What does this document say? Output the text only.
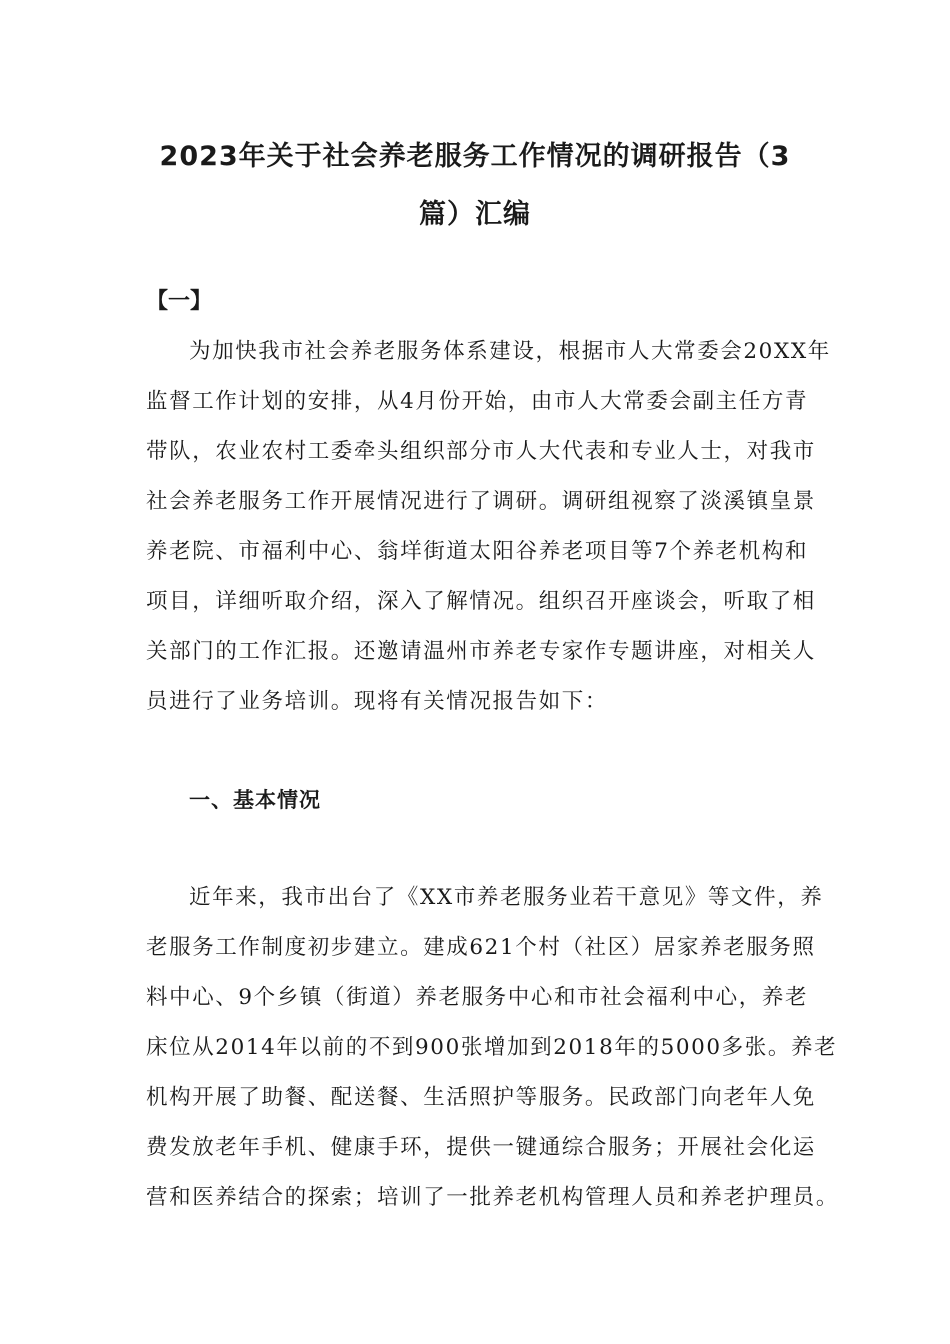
2023年关于社会养老服务工作情况的调研报告（3
篇）汇编
【一】
为加快我市社会养老服务体系建设，根据市人大常委会20XX年
监督工作计划的安排，从4月份开始，由市人大常委会副主任方青
带队，农业农村工委牵头组织部分市人大代表和专业人士，对我市
社会养老服务工作开展情况进行了调研。调研组视察了淡溪镇皇景
养老院、市福利中心、翁垟街道太阳谷养老项目等7个养老机构和
项目，详细听取介绍，深入了解情况。组织召开座谈会，听取了相
关部门的工作汇报。还邀请温州市养老专家作专题讲座，对相关人
员进行了业务培训。现将有关情况报告如下：
一、基本情况
近年来，我市出台了《XX市养老服务业若干意见》等文件，养
老服务工作制度初步建立。建成621个村（社区）居家养老服务照
料中心、9个乡镇（街道）养老服务中心和市社会福利中心，养老
床位从2014年以前的不到900张增加到2018年的5000多张。养老
机构开展了助餐、配送餐、生活照护等服务。民政部门向老年人免
费发放老年手机、健康手环，提供一键通综合服务；开展社会化运
营和医养结合的探索；培训了一批养老机构管理人员和养老护理员。
